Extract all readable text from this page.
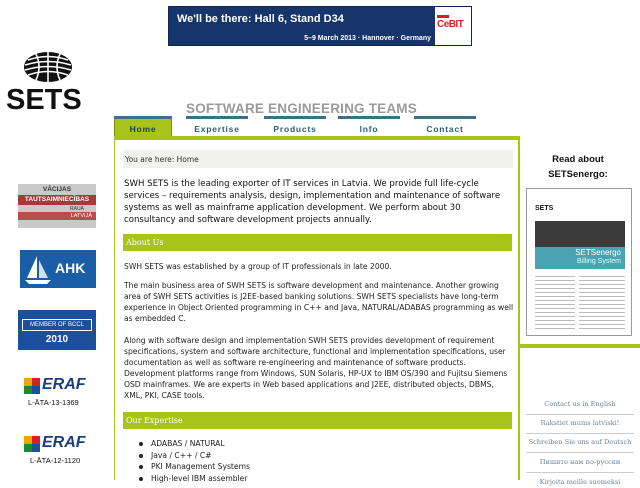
We'll be there: Hall 6, Stand D34
5–9 March 2013 · Hannover · Germany
CeBIT
SETS	SOFTWARE ENGINEERING TEAMS
Home	Expertise	Products	Info	Contact
VĀCIJAS
TAUTSAIMNIECĪBAS
RAUA
LATVIJĀ
AHK
MEMBER OF BCCL
2010
ERAF
L-ĀTA-13-1369
ERAF
L-ĀTA-12-1120
You are here: Home
SWH SETS is the leading exporter of IT services in Latvia. We provide full life-cycle services – requirements analysis, design, implementation and maintenance of software systems as well as mainframe application development. We perform about 30 consultancy and software development projects annually.
About Us
SWH SETS was established by a group of IT professionals in late 2000.
The main business area of SWH SETS is software development and maintenance. Another growing area of SWH SETS activities is J2EE-based banking solutions. SWH SETS specialists have long-term experience in Object Oriented programming in C++ and Java, NATURAL/ADABAS programming as well as embedded C.
Along with software design and implementation SWH SETS provides development of requirement specifications, system and software architecture, functional and implementation specifications, user documentation as well as software re-engineering and maintenance of software products. Development platforms range from Windows, SUN Solaris, HP-UX to IBM OS/390 and Fujitsu Siemens OSD mainframes. We are experts in Web based applications and J2EE, distributed objects, DBMS, XML, PKI, CASE tools.
Our Expertise
ADABAS / NATURAL
Java / C++ / C#
PKI Management Systems
High-level IBM assembler
Read about
SETSenergo:
SETS
SETSenergo
Billing System
Contact us in English
Rakstiet mums latviski!
Schreiben Sie uns auf Deutsch
Пишите нам по-русски
Kirjoita meille suomeksi
